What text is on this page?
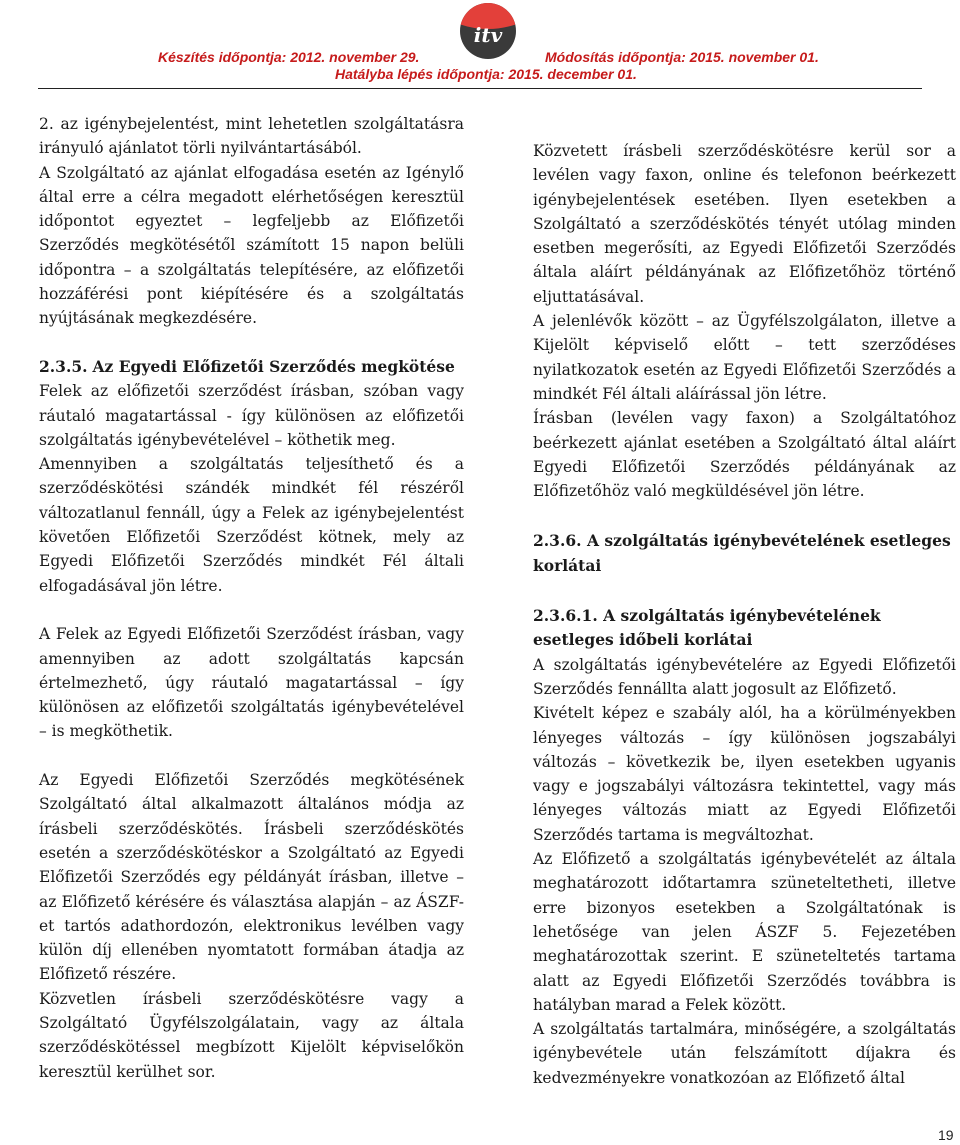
Készítés időpontja: 2012. november 29.	Módosítás időpontja: 2015. november 01.
Hatályba lépés időpontja: 2015. december 01.
itv

2. az igénybejelentést, mint lehetetlen szolgáltatásra irányuló ajánlatot törli nyilvántartásából.

A Szolgáltató az ajánlat elfogadása esetén az Igénylő által erre a célra megadott elérhetőségen keresztül időpontot egyeztet – legfeljebb az Előfizetői Szerződés megkötésétől számított 15 napon belüli időpontra – a szolgáltatás telepítésére, az előfizetői hozzáférési pont kiépítésére és a szolgáltatás nyújtásának megkezdésére.

2.3.5. Az Egyedi Előfizetői Szerződés megkötése

Felek az előfizetői szerződést írásban, szóban vagy ráutaló magatartással - így különösen az előfizetői szolgáltatás igénybevételével – köthetik meg.

Amennyiben a szolgáltatás teljesíthető és a szerződéskötési szándék mindkét fél részéről változatlanul fennáll, úgy a Felek az igénybejelentést követően Előfizetői Szerződést kötnek, mely az Egyedi Előfizetői Szerződés mindkét Fél általi elfogadásával jön létre.

A Felek az Egyedi Előfizetői Szerződést írásban, vagy amennyiben az adott szolgáltatás kapcsán értelmezhető, úgy ráutaló magatartással – így különösen az előfizetői szolgáltatás igénybevételével – is megköthetik.

Az Egyedi Előfizetői Szerződés megkötésének Szolgáltató által alkalmazott általános módja az írásbeli szerződéskötés. Írásbeli szerződéskötés esetén a szerződéskötéskor a Szolgáltató az Egyedi Előfizetői Szerződés egy példányát írásban, illetve – az Előfizető kérésére és választása alapján – az ÁSZF-et tartós adathordozón, elektronikus levélben vagy külön díj ellenében nyomtatott formában átadja az Előfizető részére.

Közvetlen írásbeli szerződéskötésre vagy a Szolgáltató Ügyfélszolgálatain, vagy az általa szerződéskötéssel megbízott Kijelölt képviselőkön keresztül kerülhet sor.

Közvetett írásbeli szerződéskötésre kerül sor a levélen vagy faxon, online és telefonon beérkezett igénybejelentések esetében. Ilyen esetekben a Szolgáltató a szerződéskötés tényét utólag minden esetben megerősíti, az Egyedi Előfizetői Szerződés általa aláírt példányának az Előfizetőhöz történő eljuttatásával.

A jelenlévők között – az Ügyfélszolgálaton, illetve a Kijelölt képviselő előtt – tett szerződéses nyilatkozatok esetén az Egyedi Előfizetői Szerződés a mindkét Fél általi aláírással jön létre.

Írásban (levélen vagy faxon) a Szolgáltatóhoz beérkezett ajánlat esetében a Szolgáltató által aláírt Egyedi Előfizetői Szerződés példányának az Előfizetőhöz való megküldésével jön létre.

2.3.6. A szolgáltatás igénybevételének esetleges korlátai
2.3.6.1. A szolgáltatás igénybevételének esetleges időbeli korlátai

A szolgáltatás igénybevételére az Egyedi Előfizetői Szerződés fennállta alatt jogosult az Előfizető.

Kivételt képez e szabály alól, ha a körülményekben lényeges változás – így különösen jogszabályi változás – következik be, ilyen esetekben ugyanis vagy e jogszabályi változásra tekintettel, vagy más lényeges változás miatt az Egyedi Előfizetői Szerződés tartama is megváltozhat.

Az Előfizető a szolgáltatás igénybevételét az általa meghatározott időtartamra szüneteltetheti, illetve erre bizonyos esetekben a Szolgáltatónak is lehetősége van jelen ÁSZF 5. Fejezetében meghatározottak szerint. E szüneteltetés tartama alatt az Egyedi Előfizetői Szerződés továbbra is hatályban marad a Felek között.

A szolgáltatás tartalmára, minőségére, a szolgáltatás igénybevétele után felszámított díjakra és kedvezményekre vonatkozóan az Előfizető által

19
